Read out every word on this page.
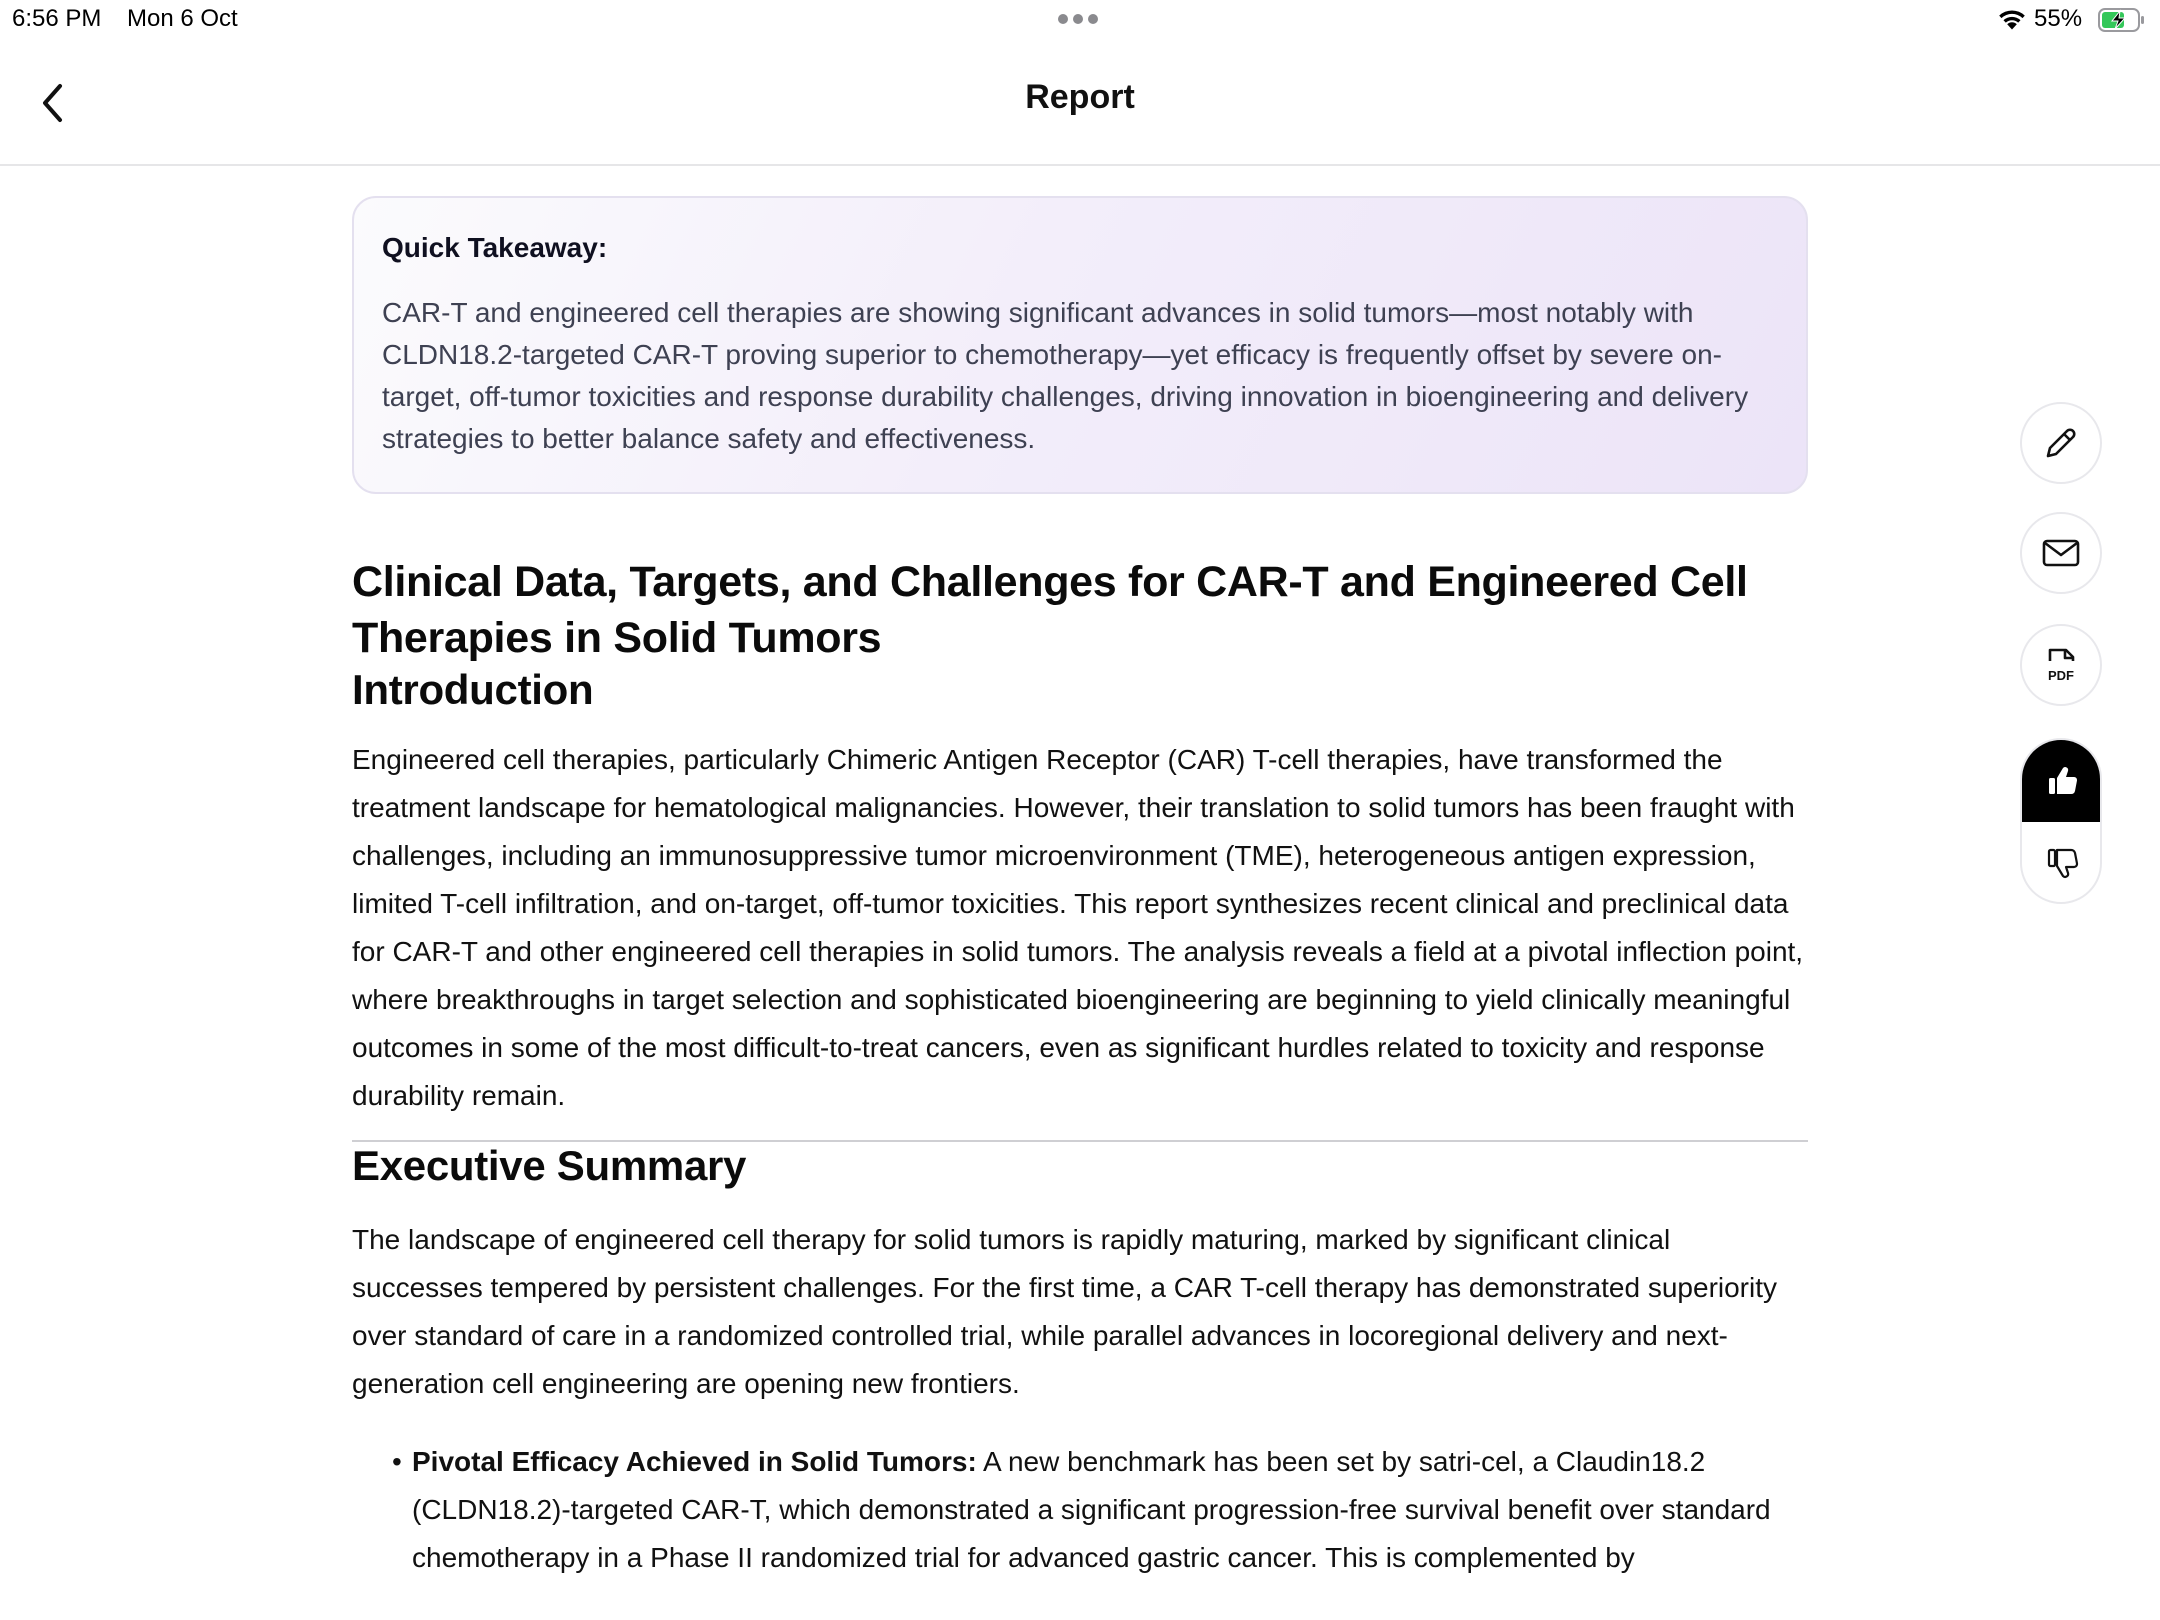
6:56 PM Mon 6 Oct	55%
Report

Quick Takeaway:

CAR-T and engineered cell therapies are showing significant advances in solid tumors—most notably with CLDN18.2-targeted CAR-T proving superior to chemotherapy—yet efficacy is frequently offset by severe on-target, off-tumor toxicities and response durability challenges, driving innovation in bioengineering and delivery strategies to better balance safety and effectiveness.

Clinical Data, Targets, and Challenges for CAR-T and Engineered Cell Therapies in Solid Tumors
Introduction

Engineered cell therapies, particularly Chimeric Antigen Receptor (CAR) T-cell therapies, have transformed the treatment landscape for hematological malignancies. However, their translation to solid tumors has been fraught with challenges, including an immunosuppressive tumor microenvironment (TME), heterogeneous antigen expression, limited T-cell infiltration, and on-target, off-tumor toxicities. This report synthesizes recent clinical and preclinical data for CAR-T and other engineered cell therapies in solid tumors. The analysis reveals a field at a pivotal inflection point, where breakthroughs in target selection and sophisticated bioengineering are beginning to yield clinically meaningful outcomes in some of the most difficult-to-treat cancers, even as significant hurdles related to toxicity and response durability remain.

Executive Summary

The landscape of engineered cell therapy for solid tumors is rapidly maturing, marked by significant clinical successes tempered by persistent challenges. For the first time, a CAR T-cell therapy has demonstrated superiority over standard of care in a randomized controlled trial, while parallel advances in locoregional delivery and next-generation cell engineering are opening new frontiers.

• Pivotal Efficacy Achieved in Solid Tumors: A new benchmark has been set by satri-cel, a Claudin18.2 (CLDN18.2)-targeted CAR-T, which demonstrated a significant progression-free survival benefit over standard chemotherapy in a Phase II randomized trial for advanced gastric cancer. This is complemented by
PDF
